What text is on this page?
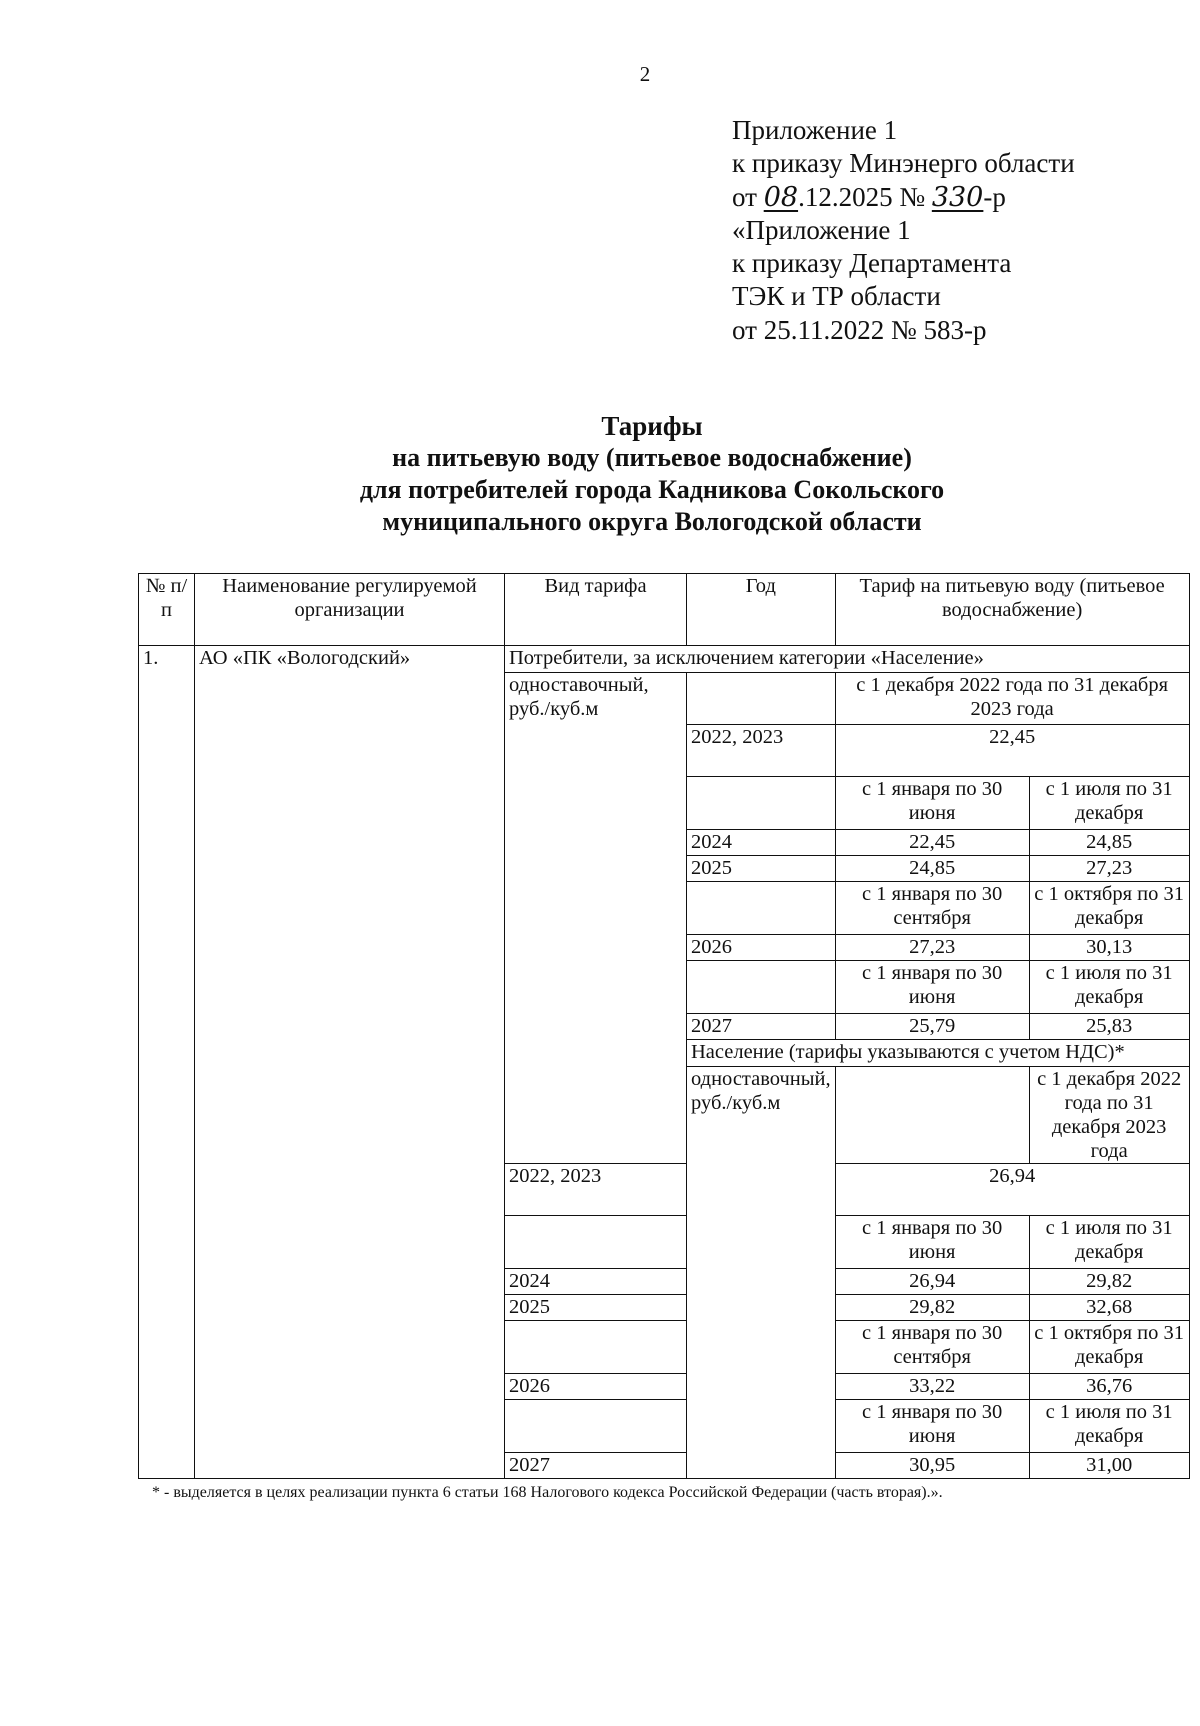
2
Приложение 1
к приказу Минэнерго области
от 08.12.2025 № 330-р
«Приложение 1
к приказу Департамента
ТЭК и ТР области
от 25.11.2022 № 583-р
Тарифы
на питьевую воду (питьевое водоснабжение)
для потребителей города Кадникова Сокольского
муниципального округа Вологодской области
№ п/п	Наименование регулируемой организации	Вид тарифа	Год	Тариф на питьевую воду (питьевое водоснабжение)	
1.	АО «ПК «Вологодский»	Потребители, за исключением категории «Население»			
		одноставочный, руб./куб.м		с 1 декабря 2022 года по 31 декабря 2023 года	
			2022, 2023	22,45	
				с 1 января по 30 июня	с 1 июля по 31 декабря
			2024	22,45	24,85
			2025	24,85	27,23
				с 1 января по 30 сентября	с 1 октября по 31 декабря
			2026	27,23	30,13
				с 1 января по 30 июня	с 1 июля по 31 декабря
			2027	25,79	25,83
			Население (тарифы указываются с учетом НДС)*		
			одноставочный, руб./куб.м		с 1 декабря 2022 года по 31 декабря 2023 года
		2022, 2023		26,94	
				с 1 января по 30 июня	с 1 июля по 31 декабря
		2024		26,94	29,82
		2025		29,82	32,68
				с 1 января по 30 сентября	с 1 октября по 31 декабря
		2026		33,22	36,76
				с 1 января по 30 июня	с 1 июля по 31 декабря
		2027		30,95	31,00
* - выделяется в целях реализации пункта 6 статьи 168 Налогового кодекса Российской Федерации (часть вторая).».
